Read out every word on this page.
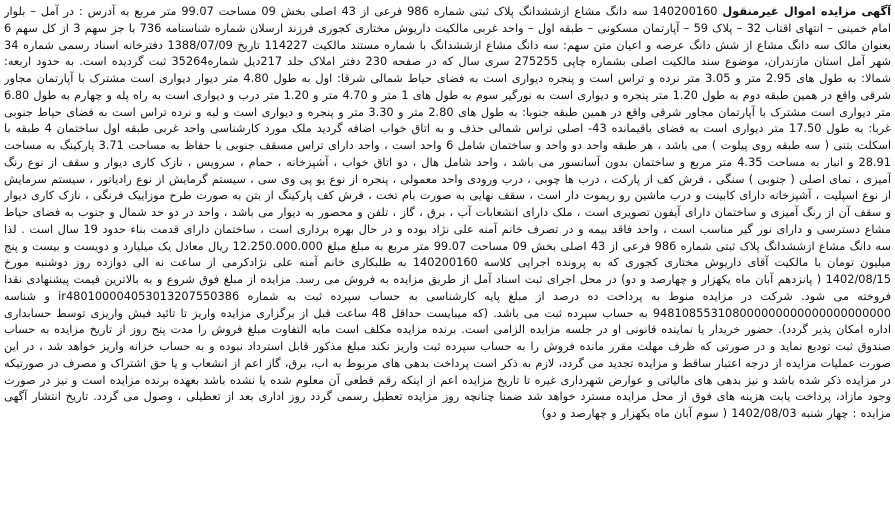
آگهی مزایده اموال غیرمنقول 140200160 سه دانگ مشاع ازششدانگ پلاک ثبتی شماره 986 فرعی از 43 اصلی بخش 09 مساحت 99.07 متر مربع به آدرس : در آمل – بلوار امام خمینی – انتهای اقتاب 32 – پلاک 59 – آپارتمان مسکونی – طبقه اول – واحد غربی مالکیت داریوش مختاری کجوری فرزند ارسلان شماره شناسنامه 736 با جز سهم 3 از کل سهم 6 بعنوان مالک سه دانگ مشاع از شش دانگ عرصه و اعیان متن سهم: سه دانگ مشاع ازششدانگ با شماره مستند مالکیت 114227 تاریخ 1388/07/09 دفترخانه اسناد رسمی شماره 34 شهر آمل استان مازندران، موضوع سند مالکیت اصلی بشماره چاپی 275255 سری سال که در صفحه 230 دفتر املاک جلد 217دیل شماره35264 ثبت گردیده است. به حدود اربعه: شمالا: به طول های 2.95 متر و 3.05 متر نرده و تراس است و پنجره دیواری است به فضای حیاط شمالی شرقا: اول به طول 4.80 متر دیوار دیواری است مشترک با آپارتمان مجاور شرقی واقع در همین طبقه دوم به طول 1.20 متر پنجره و دیواری است به نورگیر سوم به طول های 1 متر و 4.70 متر و 1.20 متر درب و دیواری است به راه پله و چهارم به طول 6.80 متر دیواری است مشترک با آپارتمان مجاور شرقی واقع در همین طبقه جنوبا: به طول های 2.80 متر و 3.30 متر و پنجره و دیواری است و لبه و نرده تراس است به فضای حیاط جنوبی غربا: به طول 17.50 متر دیواری است به فضای باقیمانده 43- اصلی تراس شمالی حذف و به اتاق خواب اضافه گردید ملک مورد کارشناسی واحد غربی طبقه اول ساختمان 4 طبقه با اسکلت بتنی ( سه طبقه روی پیلوت ) می باشد ، هر طبقه واحد دو واحد و ساختمان شامل 6 واحد است ، واحد دارای تراس مسقف جنوبی با حفاظ به مساحت 3.71 پارکینگ به مساحت 28.91 و انبار به مساحت 4.35 متر مربع و ساختمان بدون آسانسور می باشد ، واحد شامل هال ، دو اتاق خواب ، آشپزخانه ، حمام ، سرویس ، نازک کاری دیوار و سقف از نوع رنگ آمیزی ، نمای اصلی ( جنوبی ) سنگی ، فرش کف از پارکت ، درب ها چوبی ، درب ورودی واحد معمولی ، پنجره از نوع یو پی وی سی ، سیستم گرمایش از نوع رادیاتور ، سیستم سرمایش از نوع اسپلیت ، آشپزخانه دارای کابینت و درب ماشین رو ریموت دار است ، سقف نهایی به صورت بام تخت ، فرش کف پارکینگ از بتن به صورت طرح موزاییک فرنگی ، نازک کاری دیوار و سقف آن از رنگ آمیزی و ساختمان دارای آیفون تصویری است ، ملک دارای انشعابات آب ، برق ، گاز ، تلفن و محصور به دیوار می باشد ، واحد در دو حد شمال و جنوب به فضای حیاط مشاع دسترسی و دارای نور گیر مناسب است ، واحد فاقد بیمه و در تصرف خانم آمنه علی نژاد بوده و در حال بهره برداری است ، ساختمان دارای قدمت بناء حدود 19 سال است . لذا سه دانگ مشاع ازششدانگ پلاک ثبتی شماره 986 فرعی از 43 اصلی بخش 09 مساحت 99.07 متر مربع به مبلغ مبلغ 12.250.000.000 ریال معادل یک میلیارد و دویست و بیست و پنج میلیون تومان با مالکیت آقای داریوش مختاری کجوری که به پرونده اجرایی کلاسه 140200160 به طلبکاری خانم آمنه علی نژادکرمی از ساعت نه الی دوازده روز دوشنبه مورخ 1402/08/15 ( پانزدهم آبان ماه یکهزار و چهارصد و دو) در محل اجرای ثبت اسناد آمل از طریق مزایده به فروش می رسد. مزایده از مبلغ فوق شروع و به بالاترین قیمت پیشنهادی نقدا فروخته می شود. شرکت در مزایده منوط به پرداخت ده درصد از مبلغ پایه کارشناسی به حساب سپرده ثبت به شماره ir480100004053013207550386 و شناسه 948108553108000000000000000000000 به حساب سپرده ثبت می باشد. (که میبایست حداقل 48 ساعت قبل از برگزاری مزایده واریز تا تائید فیش واریزی توسط حسابداری اداره امکان پذیر گردد). حضور خریدار یا نماینده قانونی او در جلسه مزایده الزامی است. برنده مزایده مکلف است مابه التفاوت مبلغ فروش را مدت پنج روز از تاریخ مزایده به حساب صندوق ثبت تودیع نماید و در صورتی که ظرف مهلت مقرر مانده فروش را به حساب سپرده ثبت واریز نکند مبلغ مذکور قابل استرداد نبوده و به حساب خزانه واریز خواهد شد ، در این صورت عملیات مزایده از درجه اعتبار ساقط و مزایده تجدید می گردد، لازم به ذکر است پرداخت بدهی های مربوط به اب، برق، گاز اعم از انشعاب و یا حق اشتراک و مصرف در صورتیکه در مزایده ذکر شده باشد و نیز بدهی های مالیاتی و عوارض شهرداری غیره تا تاریخ مزایده اعم از اینکه رقم قطعی آن معلوم شده یا نشده باشد بعهده برنده مزایده است و نیز در صورت وجود مازاد، پرداخت یابت هزینه های فوق از محل مزایده مسترد خواهد شد ضمنا چنانچه روز مزایده تعطیل رسمی گردد روز اداری بعد از تعطیلی ، وصول می گردد. تاریخ انتشار آگهی مزایده : چهار شنبه 1402/08/03 ( سوم آبان ماه یکهزار و چهارصد و دو)
